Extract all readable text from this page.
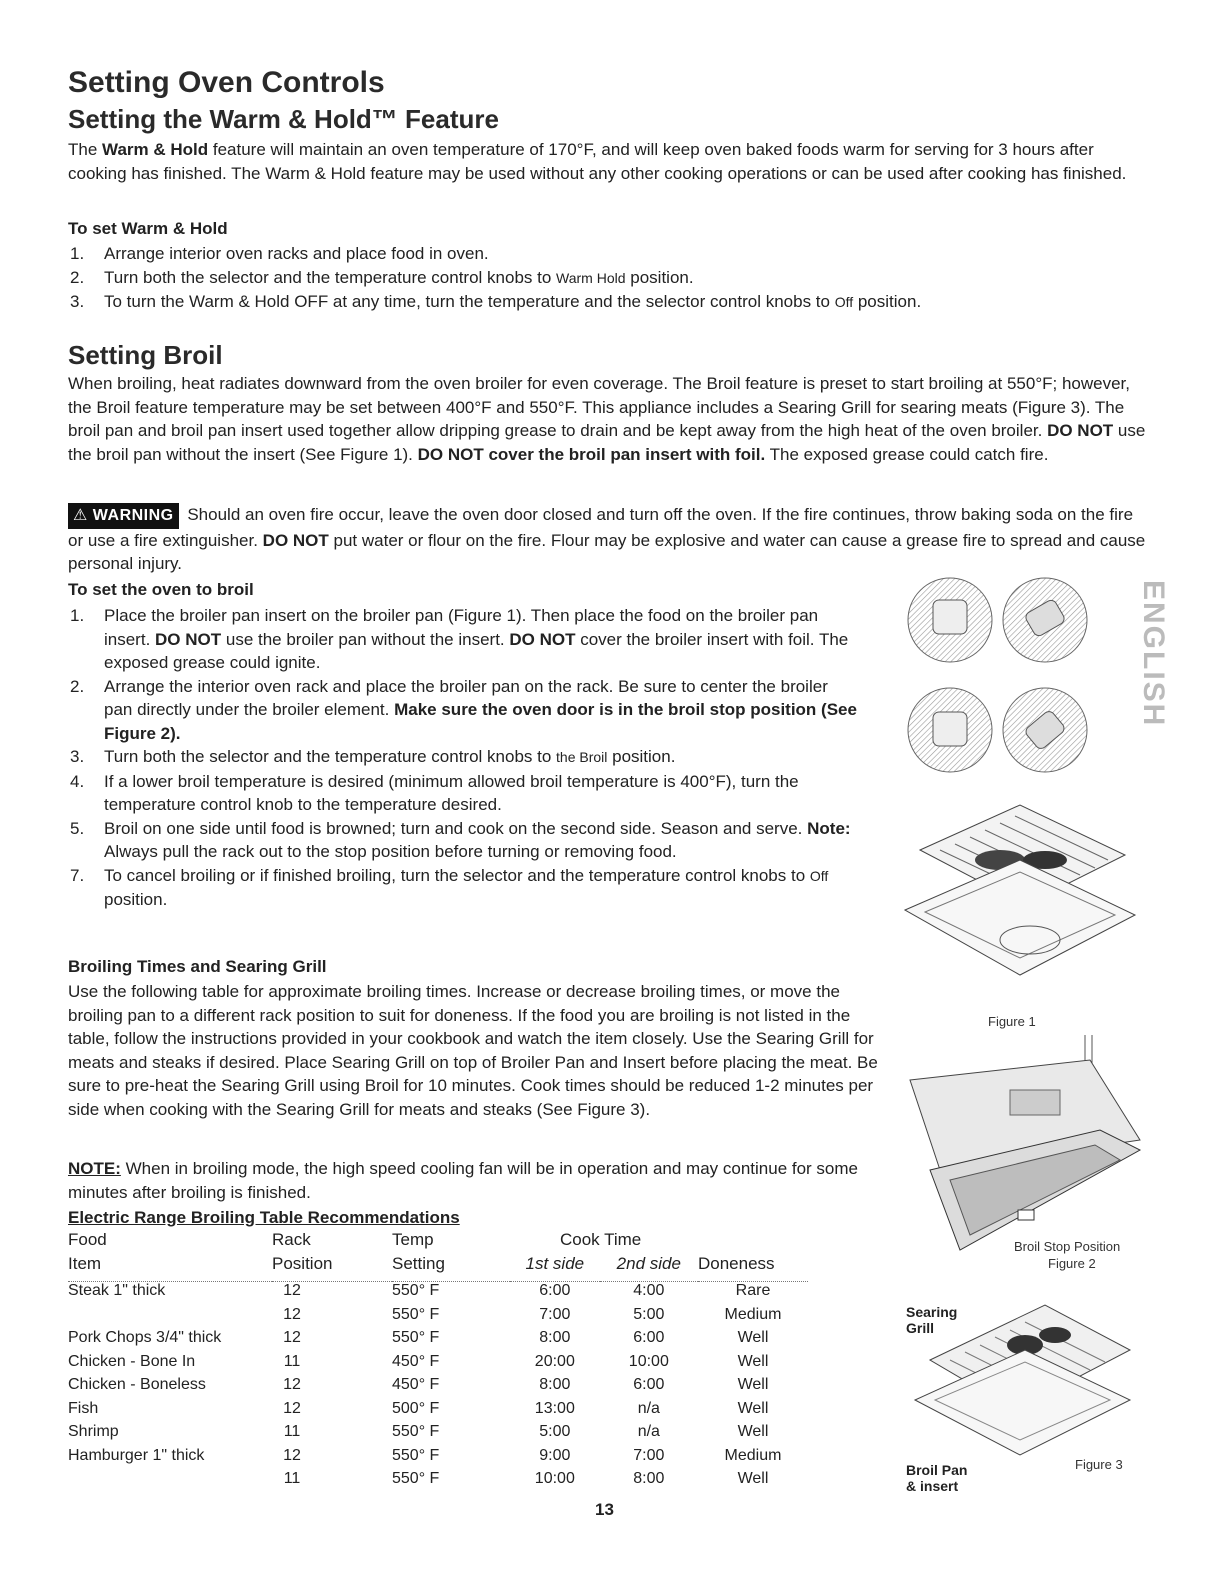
Setting Oven Controls
Setting the Warm & Hold™ Feature

The Warm & Hold feature will maintain an oven temperature of 170°F, and will keep oven baked foods warm for serving for 3 hours after cooking has finished. The Warm & Hold feature may be used without any other cooking operations or can be used after cooking has finished.

To set Warm & Hold

1. Arrange interior oven racks and place food in oven.
2. Turn both the selector and the temperature control knobs to Warm Hold position.
3. To turn the Warm & Hold OFF at any time, turn the temperature and the selector control knobs to Off position.
Setting Broil

When broiling, heat radiates downward from the oven broiler for even coverage. The Broil feature is preset to start broiling at 550°F; however, the Broil feature temperature may be set between 400°F and 550°F. This appliance includes a Searing Grill for searing meats (Figure 3). The broil pan and broil pan insert used together allow dripping grease to drain and be kept away from the high heat of the oven broiler. DO NOT use the broil pan without the insert (See Figure 1). DO NOT cover the broil pan insert with foil. The exposed grease could catch fire.

⚠ WARNING Should an oven fire occur, leave the oven door closed and turn off the oven. If the fire continues, throw baking soda on the fire or use a fire extinguisher. DO NOT put water or flour on the fire. Flour may be explosive and water can cause a grease fire to spread and cause personal injury.

To set the oven to broil

1. Place the broiler pan insert on the broiler pan (Figure 1). Then place the food on the broiler pan insert. DO NOT use the broiler pan without the insert. DO NOT cover the broiler insert with foil. The exposed grease could ignite.
2. Arrange the interior oven rack and place the broiler pan on the rack. Be sure to center the broiler pan directly under the broiler element. Make sure the oven door is in the broil stop position (See Figure 2).
3. Turn both the selector and the temperature control knobs to the Broil position.
4. If a lower broil temperature is desired (minimum allowed broil temperature is 400°F), turn the temperature control knob to the temperature desired.
5. Broil on one side until food is browned; turn and cook on the second side. Season and serve. Note: Always pull the rack out to the stop position before turning or removing food.
7. To cancel broiling or if finished broiling, turn the selector and the temperature control knobs to Off position.

Broiling Times and Searing Grill

Use the following table for approximate broiling times. Increase or decrease broiling times, or move the broiling pan to a different rack position to suit for doneness. If the food you are broiling is not listed in the table, follow the instructions provided in your cookbook and watch the item closely. Use the Searing Grill for meats and steaks if desired. Place Searing Grill on top of Broiler Pan and Insert before placing the meat. Be sure to pre-heat the Searing Grill using Broil for 10 minutes. Cook times should be reduced 1-2 minutes per side when cooking with the Searing Grill for meats and steaks (See Figure 3).

NOTE: When in broiling mode, the high speed cooling fan will be in operation and may continue for some minutes after broiling is finished.

Electric Range Broiling Table Recommendations

Food	Rack	Temp	Cook Time		
Item	Position	Setting	1st side	2nd side	Doneness
Steak 1" thick	12	550° F	6:00	4:00	Rare
	12	550° F	7:00	5:00	Medium
Pork Chops 3/4" thick	12	550° F	8:00	6:00	Well
Chicken - Bone In	11	450° F	20:00	10:00	Well
Chicken - Boneless	12	450° F	8:00	6:00	Well
Fish	12	500° F	13:00	n/a	Well
Shrimp	11	550° F	5:00	n/a	Well
Hamburger 1" thick	12	550° F	9:00	7:00	Medium
	11	550° F	10:00	8:00	Well
ENGLISH
Figure 1
Broil Stop Position
Figure 2
Searing
Grill
Broil Pan
& insert
Figure 3
13
